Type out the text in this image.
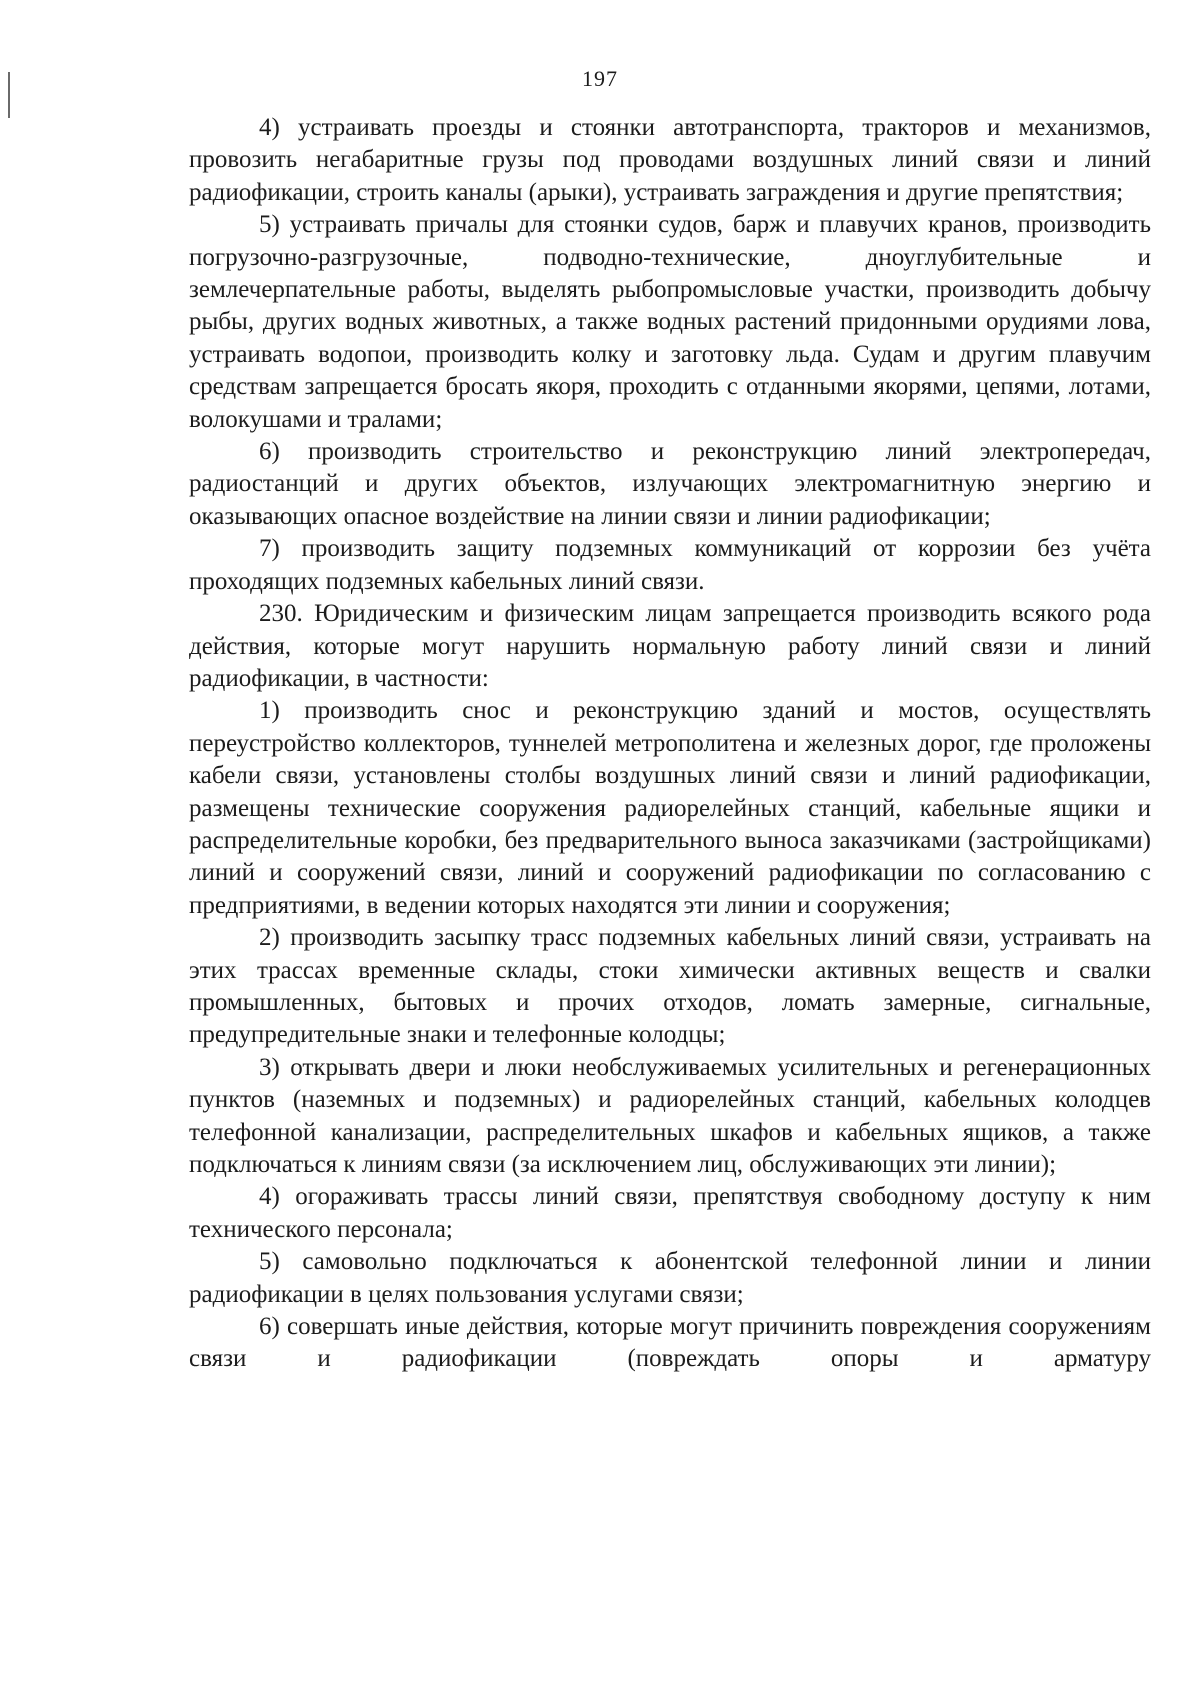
197

4) устраивать проезды и стоянки автотранспорта, тракторов и механизмов, провозить негабаритные грузы под проводами воздушных линий связи и линий радиофикации, строить каналы (арыки), устраивать заграждения и другие препятствия;

5) устраивать причалы для стоянки судов, барж и плавучих кранов, производить погрузочно-разгрузочные, подводно-технические, дноуглубительные и землечерпательные работы, выделять рыбопромысловые участки, производить добычу рыбы, других водных животных, а также водных растений придонными орудиями лова, устраивать водопои, производить колку и заготовку льда. Судам и другим плавучим средствам запрещается бросать якоря, проходить с отданными якорями, цепями, лотами, волокушами и тралами;

6) производить строительство и реконструкцию линий электропередач, радиостанций и других объектов, излучающих электромагнитную энергию и оказывающих опасное воздействие на линии связи и линии радиофикации;

7) производить защиту подземных коммуникаций от коррозии без учёта проходящих подземных кабельных линий связи.

230. Юридическим и физическим лицам запрещается производить всякого рода действия, которые могут нарушить нормальную работу линий связи и линий радиофикации, в частности:

1) производить снос и реконструкцию зданий и мостов, осуществлять переустройство коллекторов, туннелей метрополитена и железных дорог, где проложены кабели связи, установлены столбы воздушных линий связи и линий радиофикации, размещены технические сооружения радиорелейных станций, кабельные ящики и распределительные коробки, без предварительного выноса заказчиками (застройщиками) линий и сооружений связи, линий и сооружений радиофикации по согласованию с предприятиями, в ведении которых находятся эти линии и сооружения;

2) производить засыпку трасс подземных кабельных линий связи, устраивать на этих трассах временные склады, стоки химически активных веществ и свалки промышленных, бытовых и прочих отходов, ломать замерные, сигнальные, предупредительные знаки и телефонные колодцы;

3) открывать двери и люки необслуживаемых усилительных и регенерационных пунктов (наземных и подземных) и радиорелейных станций, кабельных колодцев телефонной канализации, распределительных шкафов и кабельных ящиков, а также подключаться к линиям связи (за исключением лиц, обслуживающих эти линии);

4) огораживать трассы линий связи, препятствуя свободному доступу к ним технического персонала;

5) самовольно подключаться к абонентской телефонной линии и линии радиофикации в целях пользования услугами связи;

6) совершать иные действия, которые могут причинить повреждения сооружениям связи и радиофикации (повреждать опоры и арматуру
